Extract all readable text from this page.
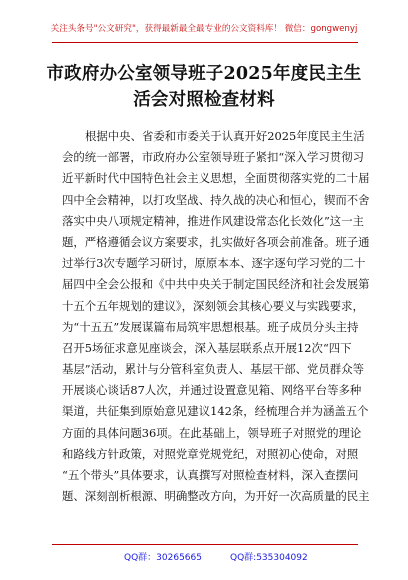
关注头条号"公文研究"，获得最新最全最专业的公文资料库！ 微信：gongwenyj
市政府办公室领导班子2025年度民主生
活会对照检查材料
根据中央、省委和市委关于认真开好2025年度民主生活
会的统一部署，市政府办公室领导班子紧扣“深入学习贯彻习
近平新时代中国特色社会主义思想，全面贯彻落实党的二十届
四中全会精神，以打攻坚战、持久战的决心和恒心，锲而不舍
落实中央八项规定精神，推进作风建设常态化长效化”这一主
题，严格遵循会议方案要求，扎实做好各项会前准备。班子通
过举行3次专题学习研讨，原原本本、逐字逐句学习党的二十
届四中全会公报和《中共中央关于制定国民经济和社会发展第
十五个五年规划的建议》，深刻领会其核心要义与实践要求，
为“十五五”发展谋篇布局筑牢思想根基。班子成员分头主持
召开5场征求意见座谈会，深入基层联系点开展12次“四下
基层”活动，累计与分管科室负责人、基层干部、党员群众等
开展谈心谈话87人次，并通过设置意见箱、网络平台等多种
渠道，共征集到原始意见建议142条，经梳理合并为涵盖五个
方面的具体问题36项。在此基础上，领导班子对照党的理论
和路线方针政策，对照党章党规党纪，对照初心使命，对照
“五个带头”具体要求，认真撰写对照检查材料，深入查摆问
题、深刻剖析根源、明确整改方向，为开好一次高质量的民主
QQ群：30265665	QQ群:535304092
